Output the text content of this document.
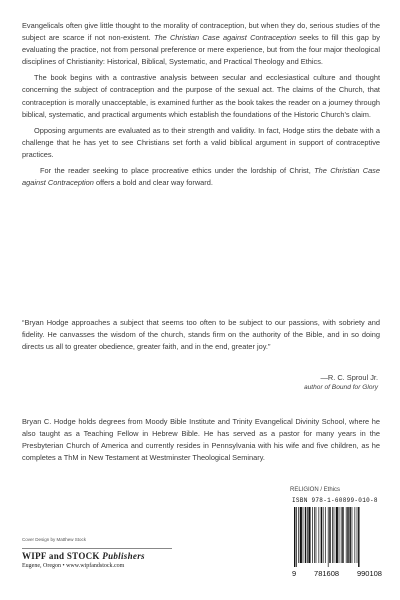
Evangelicals often give little thought to the morality of contraception, but when they do, serious studies of the subject are scarce if not non-existent. The Christian Case against Contraception seeks to fill this gap by evaluating the practice, not from personal preference or mere experience, but from the four major theological disciplines of Christianity: Historical, Biblical, Systematic, and Practical Theology and Ethics.

The book begins with a contrastive analysis between secular and ecclesiastical culture and thought concerning the subject of contraception and the purpose of the sexual act. The claims of the Church, that contraception is morally unacceptable, is examined further as the book takes the reader on a journey through biblical, systematic, and practical arguments which establish the foundations of the Historic Church's claim.

Opposing arguments are evaluated as to their strength and validity. In fact, Hodge stirs the debate with a challenge that he has yet to see Christians set forth a valid biblical argument in support of contraceptive practices.

For the reader seeking to place procreative ethics under the lordship of Christ, The Christian Case against Contraception offers a bold and clear way forward.

“Bryan Hodge approaches a subject that seems too often to be subject to our passions, with sobriety and fidelity. He canvasses the wisdom of the church, stands firm on the authority of the Bible, and in so doing directs us all to greater obedience, greater faith, and in the end, greater joy.”

—R. C. Sproul Jr.
author of Bound for Glory

Bryan C. Hodge holds degrees from Moody Bible Institute and Trinity Evangelical Divinity School, where he also taught as a Teaching Fellow in Hebrew Bible. He has served as a pastor for many years in the Presbyterian Church of America and currently resides in Pennsylvania with his wife and five children, as he completes a ThM in New Testament at Westminster Theological Seminary.

RELIGION / Ethics
ISBN 978-1-60899-010-8
9 781608 990108
Cover Design by Matthew Stock
WIPF and STOCK Publishers
Eugene, Oregon • www.wipfandstock.com
